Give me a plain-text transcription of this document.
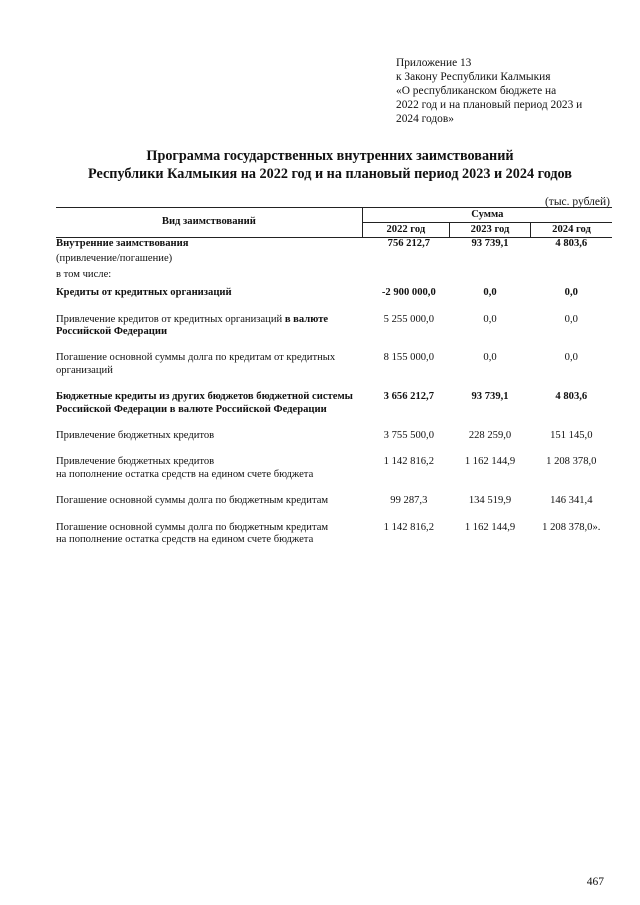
Приложение 13
к Закону Республики Калмыкия
«О республиканском бюджете на
2022 год и на плановый период 2023 и
2024 годов»
Программа государственных внутренних заимствований
Республики Калмыкия на 2022 год и на плановый период 2023 и 2024 годов
(тыс. рублей)
Вид заимствований	Сумма		
	2022 год	2023 год	2024 год
Внутренние заимствования	756 212,7	93 739,1	4 803,6
(привлечение/погашение)			
в том числе:			
Кредиты от кредитных организаций	-2 900 000,0	0,0	0,0
Привлечение кредитов от кредитных организаций в валюте Российской Федерации	5 255 000,0	0,0	0,0
Погашение основной суммы долга по кредитам от кредитных организаций	8 155 000,0	0,0	0,0
Бюджетные кредиты из других бюджетов бюджетной системы Российской Федерации в валюте Российской Федерации	3 656 212,7	93 739,1	4 803,6
Привлечение бюджетных кредитов	3 755 500,0	228 259,0	151 145,0

Привлечение бюджетных кредитов
на пополнение остатка средств на едином счете бюджета	1 142 816,2	1 162 144,9	1 208 378,0
Погашение основной суммы долга по бюджетным кредитам	99 287,3	134 519,9	146 341,4

Погашение основной суммы долга по бюджетным кредитам
на пополнение остатка средств на едином счете бюджета	1 142 816,2	1 162 144,9	1 208 378,0».
467
